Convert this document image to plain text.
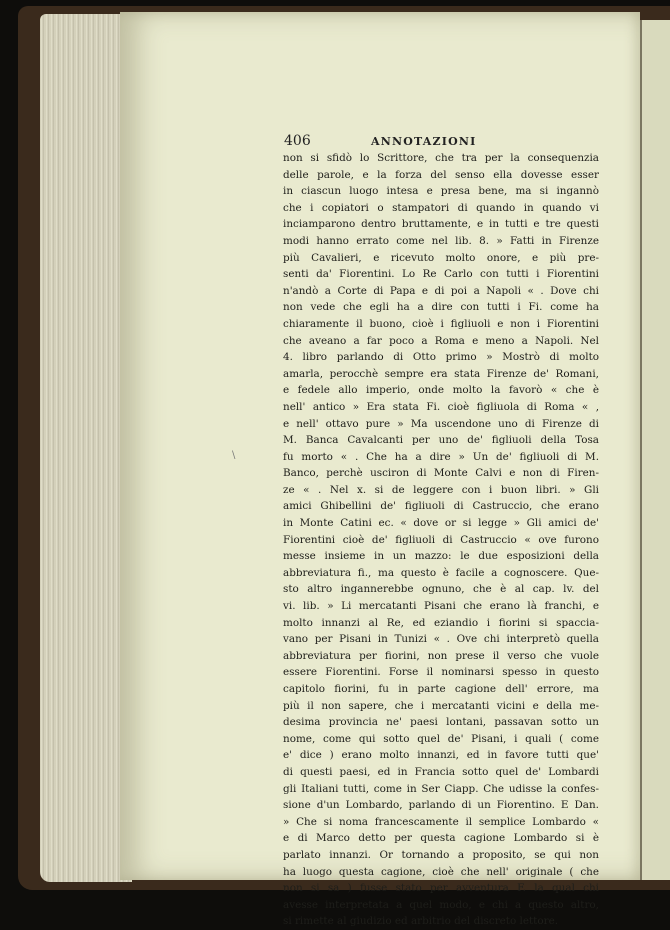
406	ANNOTAZIONI
\
non si sfidò lo Scrittore, che tra per la consequenzia
delle parole, e la forza del senso ella dovesse esser
in ciascun luogo intesa e presa bene, ma si ingannò
che i copiatori o stampatori di quando in quando vi
inciamparono dentro bruttamente, e in tutti e tre questi
modi hanno errato come nel lib. 8. » Fatti in Firenze
più Cavalieri, e ricevuto molto onore, e più pre-
senti da' Fiorentini. Lo Re Carlo con tutti i Fiorentini
n'andò a Corte di Papa e di poi a Napoli « . Dove chi
non vede che egli ha a dire con tutti i Fi. come ha
chiaramente il buono, cioè i figliuoli e non i Fiorentini
che aveano a far poco a Roma e meno a Napoli. Nel
4. libro parlando di Otto primo » Mostrò di molto
amarla, perocchè sempre era stata Firenze de' Romani,
e fedele allo imperio, onde molto la favorò « che è
nell' antico » Era stata Fi. cioè figliuola di Roma « ,
e nell' ottavo pure » Ma uscendone uno di Firenze di
M. Banca Cavalcanti per uno de' figliuoli della Tosa
fu morto « . Che ha a dire » Un de' figliuoli di M.
Banco, perchè usciron di Monte Calvi e non di Firen-
ze « . Nel x. si de leggere con i buon libri. » Gli
amici Ghibellini de' figliuoli di Castruccio, che erano
in Monte Catini ec. « dove or si legge » Gli amici de'
Fiorentini cioè de' figliuoli di Castruccio « ove furono
messe insieme in un mazzo: le due esposizioni della
abbreviatura fi., ma questo è facile a cognoscere. Que-
sto altro ingannerebbe ognuno, che è al cap. lv. del
vi. lib. » Li mercatanti Pisani che erano là franchi, e
molto innanzi al Re, ed eziandio i fiorini si spaccia-
vano per Pisani in Tunizi « . Ove chi interpretò quella
abbreviatura per fiorini, non prese il verso che vuole
essere Fiorentini. Forse il nominarsi spesso in questo
capitolo fiorini, fu in parte cagione dell' errore, ma
più il non sapere, che i mercatanti vicini e della me-
desima provincia ne' paesi lontani, passavan sotto un
nome, come qui sotto quel de' Pisani, i quali ( come
e' dice ) erano molto innanzi, ed in favore tutti que'
di questi paesi, ed in Francia sotto quel de' Lombardi
gli Italiani tutti, come in Ser Ciapp. Che udisse la confes-
sione d'un Lombardo, parlando di un Fiorentino. E Dan.
» Che si noma francescamente il semplice Lombardo «
e di Marco detto per questa cagione Lombardo si è
parlato innanzi. Or tornando a proposito, se qui non
ha luogo questa cagione, cioè che nell' originale ( che
non si sa ) fusse stato per avventura F. la qual chi
avesse interpretata a quel modo, e chi a questo altro,
si rimette al giudizio ed arbitrio del discreto lettore.
